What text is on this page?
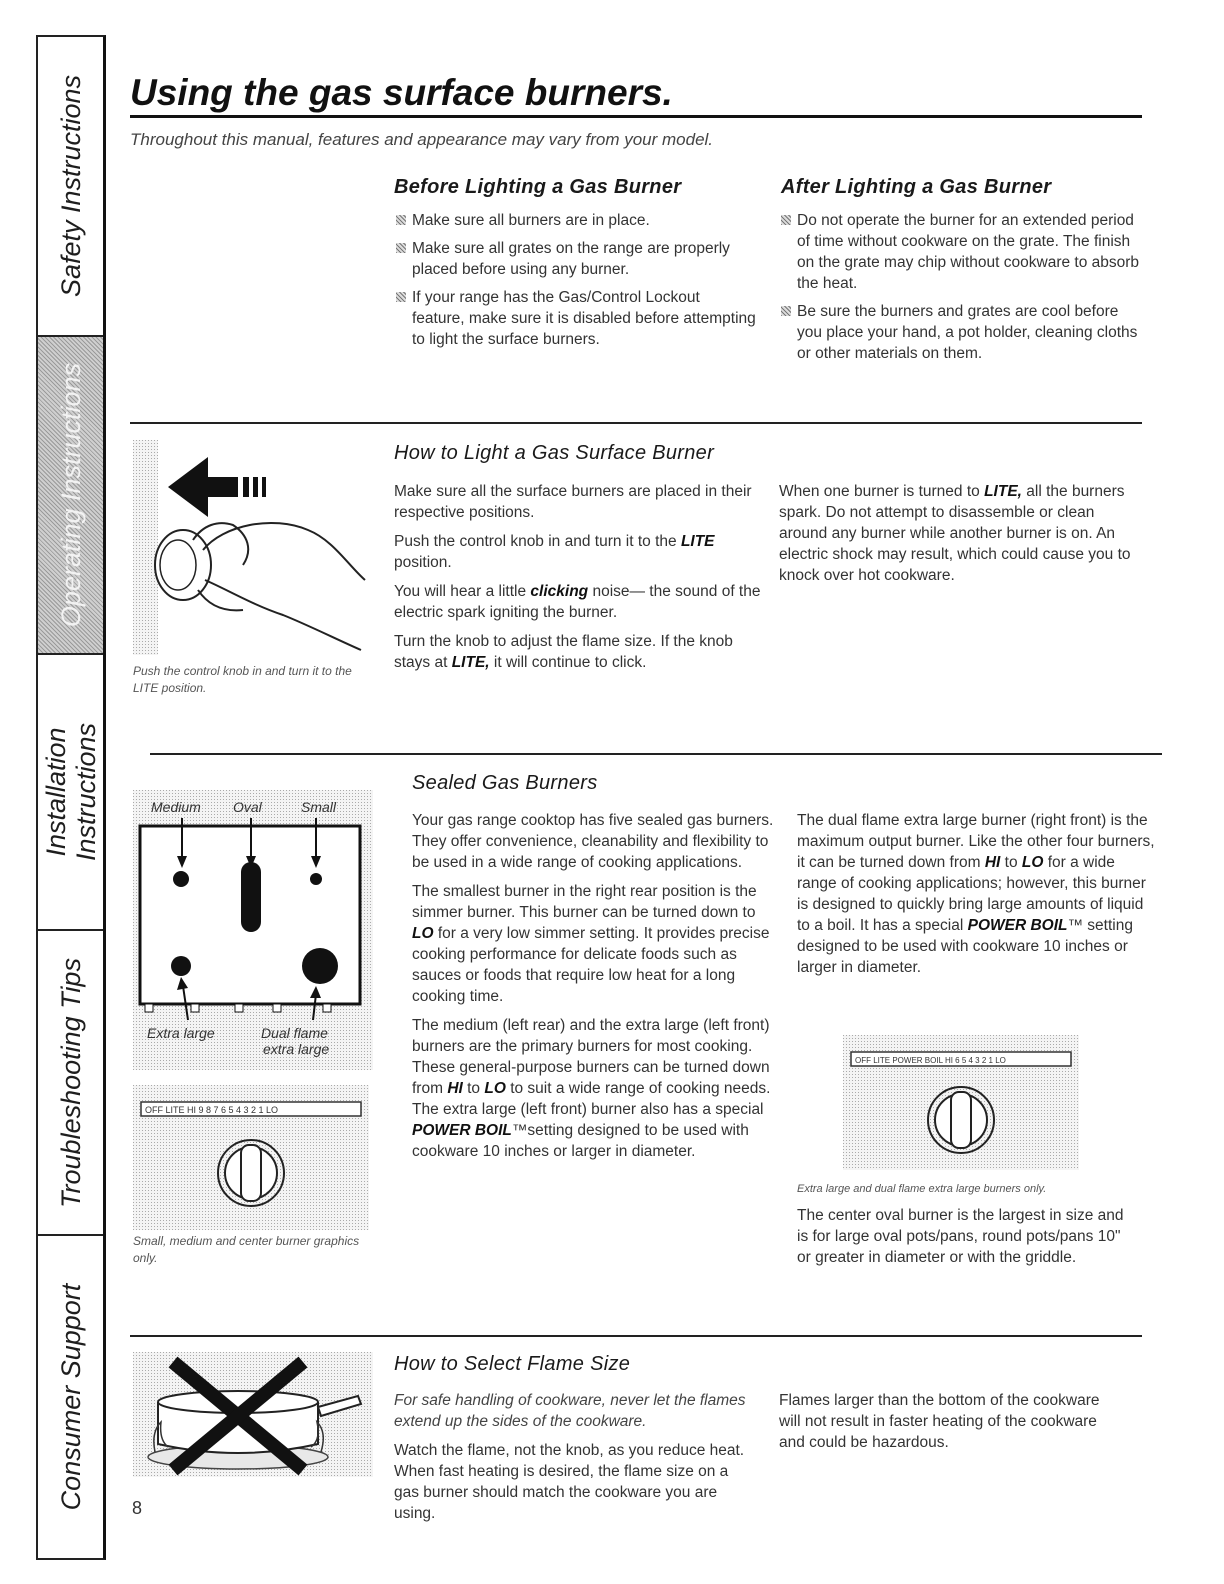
Safety Instructions
Operating Instructions
Installation Instructions
Troubleshooting Tips
Consumer Support
Using the gas surface burners.
Throughout this manual, features and appearance may vary from your model.
Before Lighting a Gas Burner
Make sure all burners are in place.
Make sure all grates on the range are properly placed before using any burner.
If your range has the Gas/Control Lockout feature, make sure it is disabled before attempting to light the surface burners.
After Lighting a Gas Burner
Do not operate the burner for an extended period of time without cookware on the grate. The finish on the grate may chip without cookware to absorb the heat.
Be sure the burners and grates are cool before you place your hand, a pot holder, cleaning cloths or other materials on them.
Push the control knob in and turn it to the LITE position.
How to Light a Gas Surface Burner

Make sure all the surface burners are placed in their respective positions.

Push the control knob in and turn it to the LITE position.

You will hear a little clicking noise— the sound of the electric spark igniting the burner.

Turn the knob to adjust the flame size. If the knob stays at LITE, it will continue to click.

When one burner is turned to LITE, all the burners spark. Do not attempt to disassemble or clean around any burner while another burner is on. An electric shock may result, which could cause you to knock over hot cookware.

Medium Oval	Small
Extra large	Dual flame
extra large
OFF LITE HI 9 8 7 6 5 4 3 2 1 LO
Small, medium and center burner graphics only.
Sealed Gas Burners

Your gas range cooktop has five sealed gas burners. They offer convenience, cleanability and flexibility to be used in a wide range of cooking applications.

The smallest burner in the right rear position is the simmer burner. This burner can be turned down to LO for a very low simmer setting. It provides precise cooking performance for delicate foods such as sauces or foods that require low heat for a long cooking time.

The medium (left rear) and the extra large (left front) burners are the primary burners for most cooking. These general-purpose burners can be turned down from HI to LO to suit a wide range of cooking needs. The extra large (left front) burner also has a special POWER BOIL™setting designed to be used with cookware 10 inches or larger in diameter.

The dual flame extra large burner (right front) is the maximum output burner. Like the other four burners, it can be turned down from HI to LO for a wide range of cooking applications; however, this burner is designed to quickly bring large amounts of liquid to a boil. It has a special POWER BOIL™ setting designed to be used with cookware 10 inches or larger in diameter.

OFF LITE POWER BOIL HI 6 5 4 3 2 1 LO
Extra large and dual flame extra large burners only.

The center oval burner is the largest in size and is for large oval pots/pans, round pots/pans 10" or greater in diameter or with the griddle.

How to Select Flame Size

For safe handling of cookware, never let the flames extend up the sides of the cookware.

Watch the flame, not the knob, as you reduce heat. When fast heating is desired, the flame size on a gas burner should match the cookware you are using.

Flames larger than the bottom of the cookware will not result in faster heating of the cookware and could be hazardous.

8
